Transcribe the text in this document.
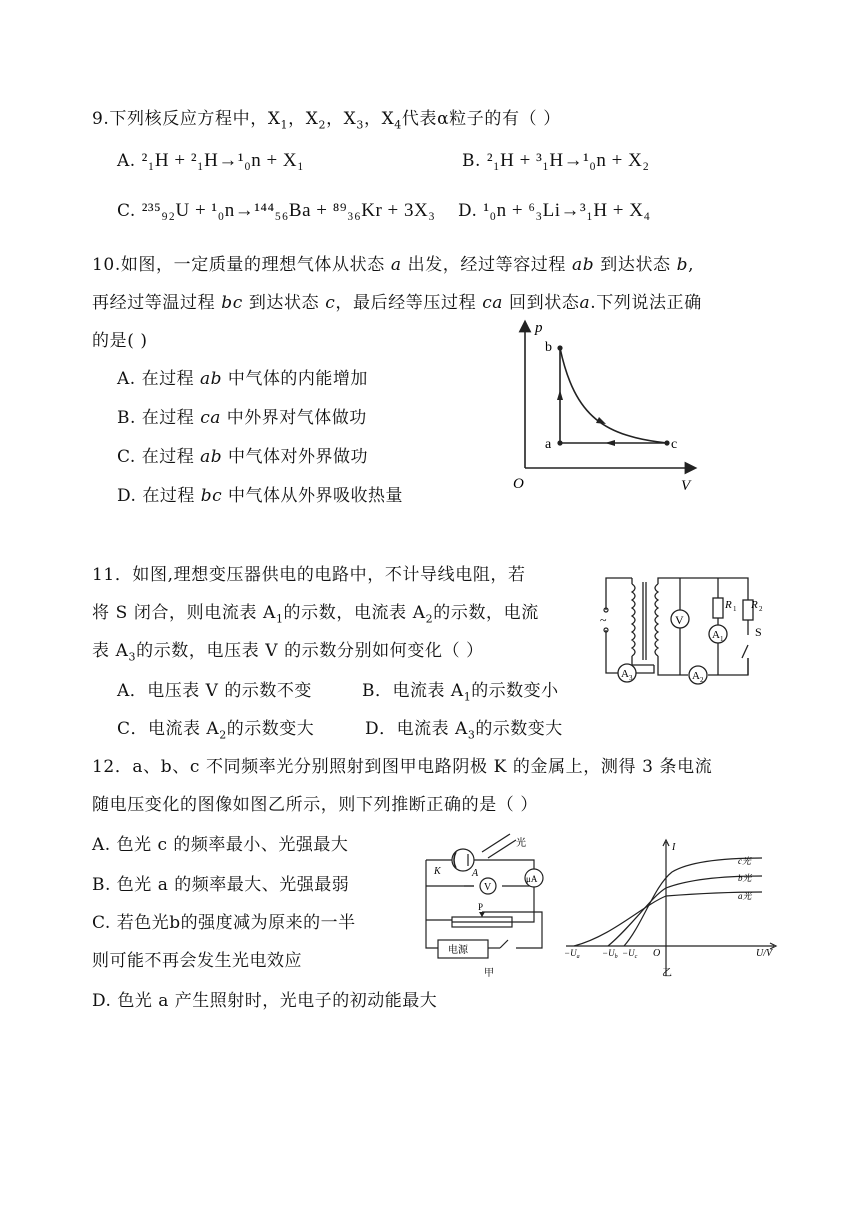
9.下列核反应方程中，$X_1$，$X_2$，$X_3$，$X_4$代表α粒子的有（ ）
A. ²₁H + ²₁H→¹₀n + X₁	B. ²₁H + ³₁H→¹₀n + X₂
C. ²³⁵₉₂U + ¹₀n→¹⁴⁴₅₆Ba + ⁸⁹₃₆Kr + 3X₃ D. ¹₀n + ⁶₃Li→³₁H + X₄
10.如图，一定质量的理想气体从状态 a 出发，经过等容过程 ab 到达状态 b,
再经过等温过程 bc 到达状态 c，最后经等压过程 ca 回到状态a.下列说法正确
的是( )
A. 在过程 ab 中气体的内能增加
B. 在过程 ca 中外界对气体做功
C. 在过程 ab 中气体对外界做功
D. 在过程 bc 中气体从外界吸收热量
p
V
O
a
b
c
11．如图,理想变压器供电的电路中，不计导线电阻，若
将 S 闭合，则电流表 $A_1$的示数，电流表 $A_2$的示数，电流
表 $A_3$的示数，电压表 V 的示数分别如何变化（ ）
A．电压表 V 的示数不变	B．电流表 $A_1$的示数变小
C．电流表 $A_2$的示数变大	D．电流表 $A_3$的示数变大
~	V
A 1
A 2
A 3
R 1 R 2
S
12．a、b、c 不同频率光分别照射到图甲电路阴极 K 的金属上，测得 3 条电流
随电压变化的图像如图乙所示，则下列推断正确的是（ ）
A. 色光 c 的频率最小、光强最大
B. 色光 a 的频率最大、光强最弱
C. 若色光b的强度减为原来的一半
则可能不再会发生光电效应
D. 色光 a 产生照射时，光电子的初动能最大
V
μA
光
K	A
P
电源
甲
I
c光
b光
a光
O	U/V
$-U_a -U_b -U_c$
乙
